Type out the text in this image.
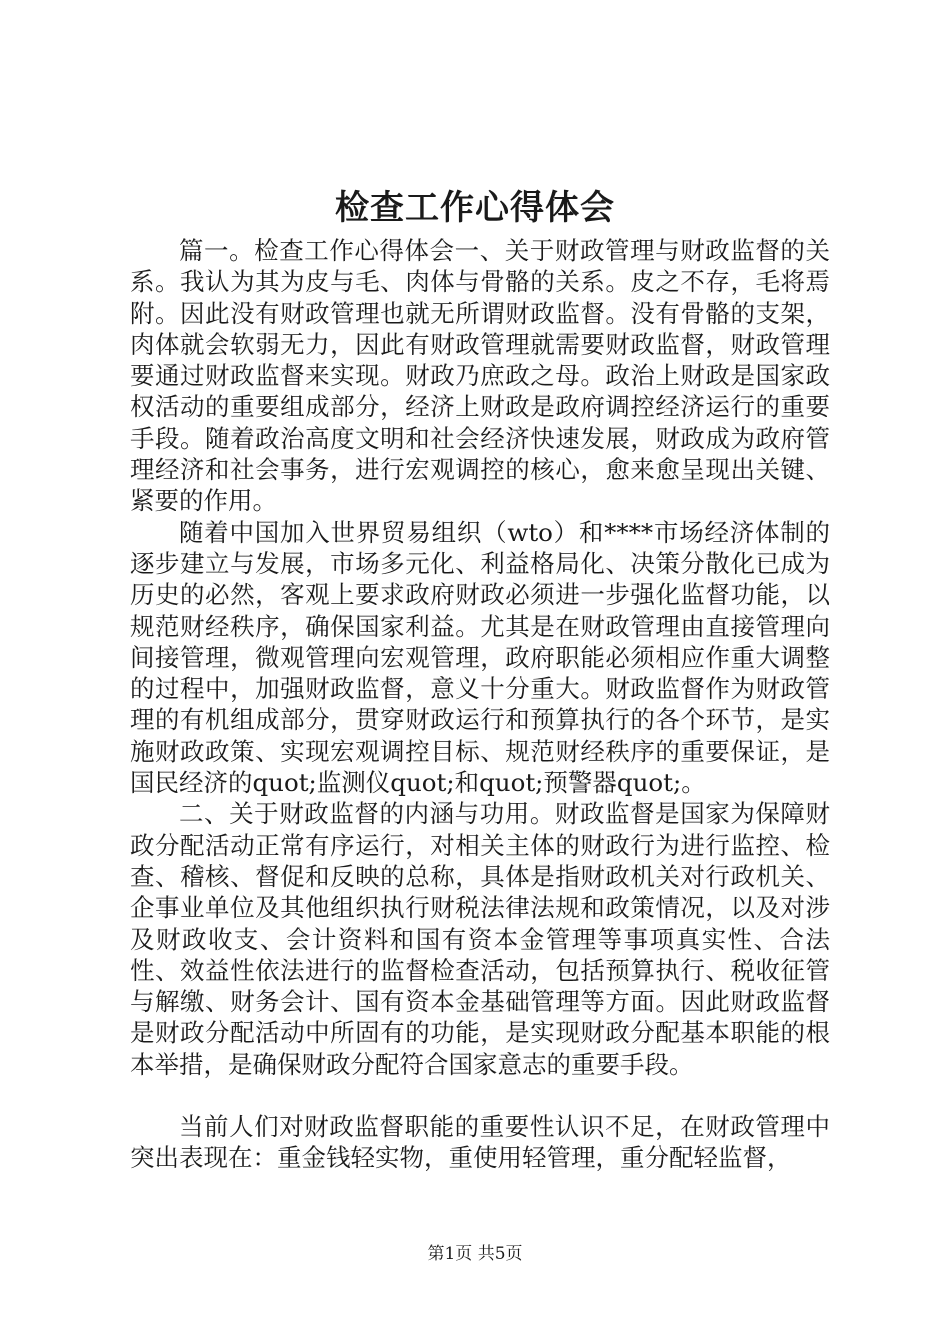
检查工作心得体会

篇一。检查工作心得体会一、关于财政管理与财政监督的关系。我认为其为皮与毛、肉体与骨骼的关系。皮之不存，毛将焉附。因此没有财政管理也就无所谓财政监督。没有骨骼的支架，肉体就会软弱无力，因此有财政管理就需要财政监督，财政管理要通过财政监督来实现。财政乃庶政之母。政治上财政是国家政权活动的重要组成部分，经济上财政是政府调控经济运行的重要手段。随着政治高度文明和社会经济快速发展，财政成为政府管理经济和社会事务，进行宏观调控的核心，愈来愈呈现出关键、紧要的作用。

随着中国加入世界贸易组织（wto）和****市场经济体制的逐步建立与发展，市场多元化、利益格局化、决策分散化已成为历史的必然，客观上要求政府财政必须进一步强化监督功能，以规范财经秩序，确保国家利益。尤其是在财政管理由直接管理向间接管理，微观管理向宏观管理，政府职能必须相应作重大调整的过程中，加强财政监督，意义十分重大。财政监督作为财政管理的有机组成部分，贯穿财政运行和预算执行的各个环节，是实施财政政策、实现宏观调控目标、规范财经秩序的重要保证，是国民经济的quot;监测仪quot;和quot;预警器quot;。

二、关于财政监督的内涵与功用。财政监督是国家为保障财政分配活动正常有序运行，对相关主体的财政行为进行监控、检查、稽核、督促和反映的总称，具体是指财政机关对行政机关、企事业单位及其他组织执行财税法律法规和政策情况，以及对涉及财政收支、会计资料和国有资本金管理等事项真实性、合法性、效益性依法进行的监督检查活动，包括预算执行、税收征管与解缴、财务会计、国有资本金基础管理等方面。因此财政监督是财政分配活动中所固有的功能，是实现财政分配基本职能的根本举措，是确保财政分配符合国家意志的重要手段。

当前人们对财政监督职能的重要性认识不足，在财政管理中突出表现在：重金钱轻实物，重使用轻管理，重分配轻监督，

第1页 共5页
